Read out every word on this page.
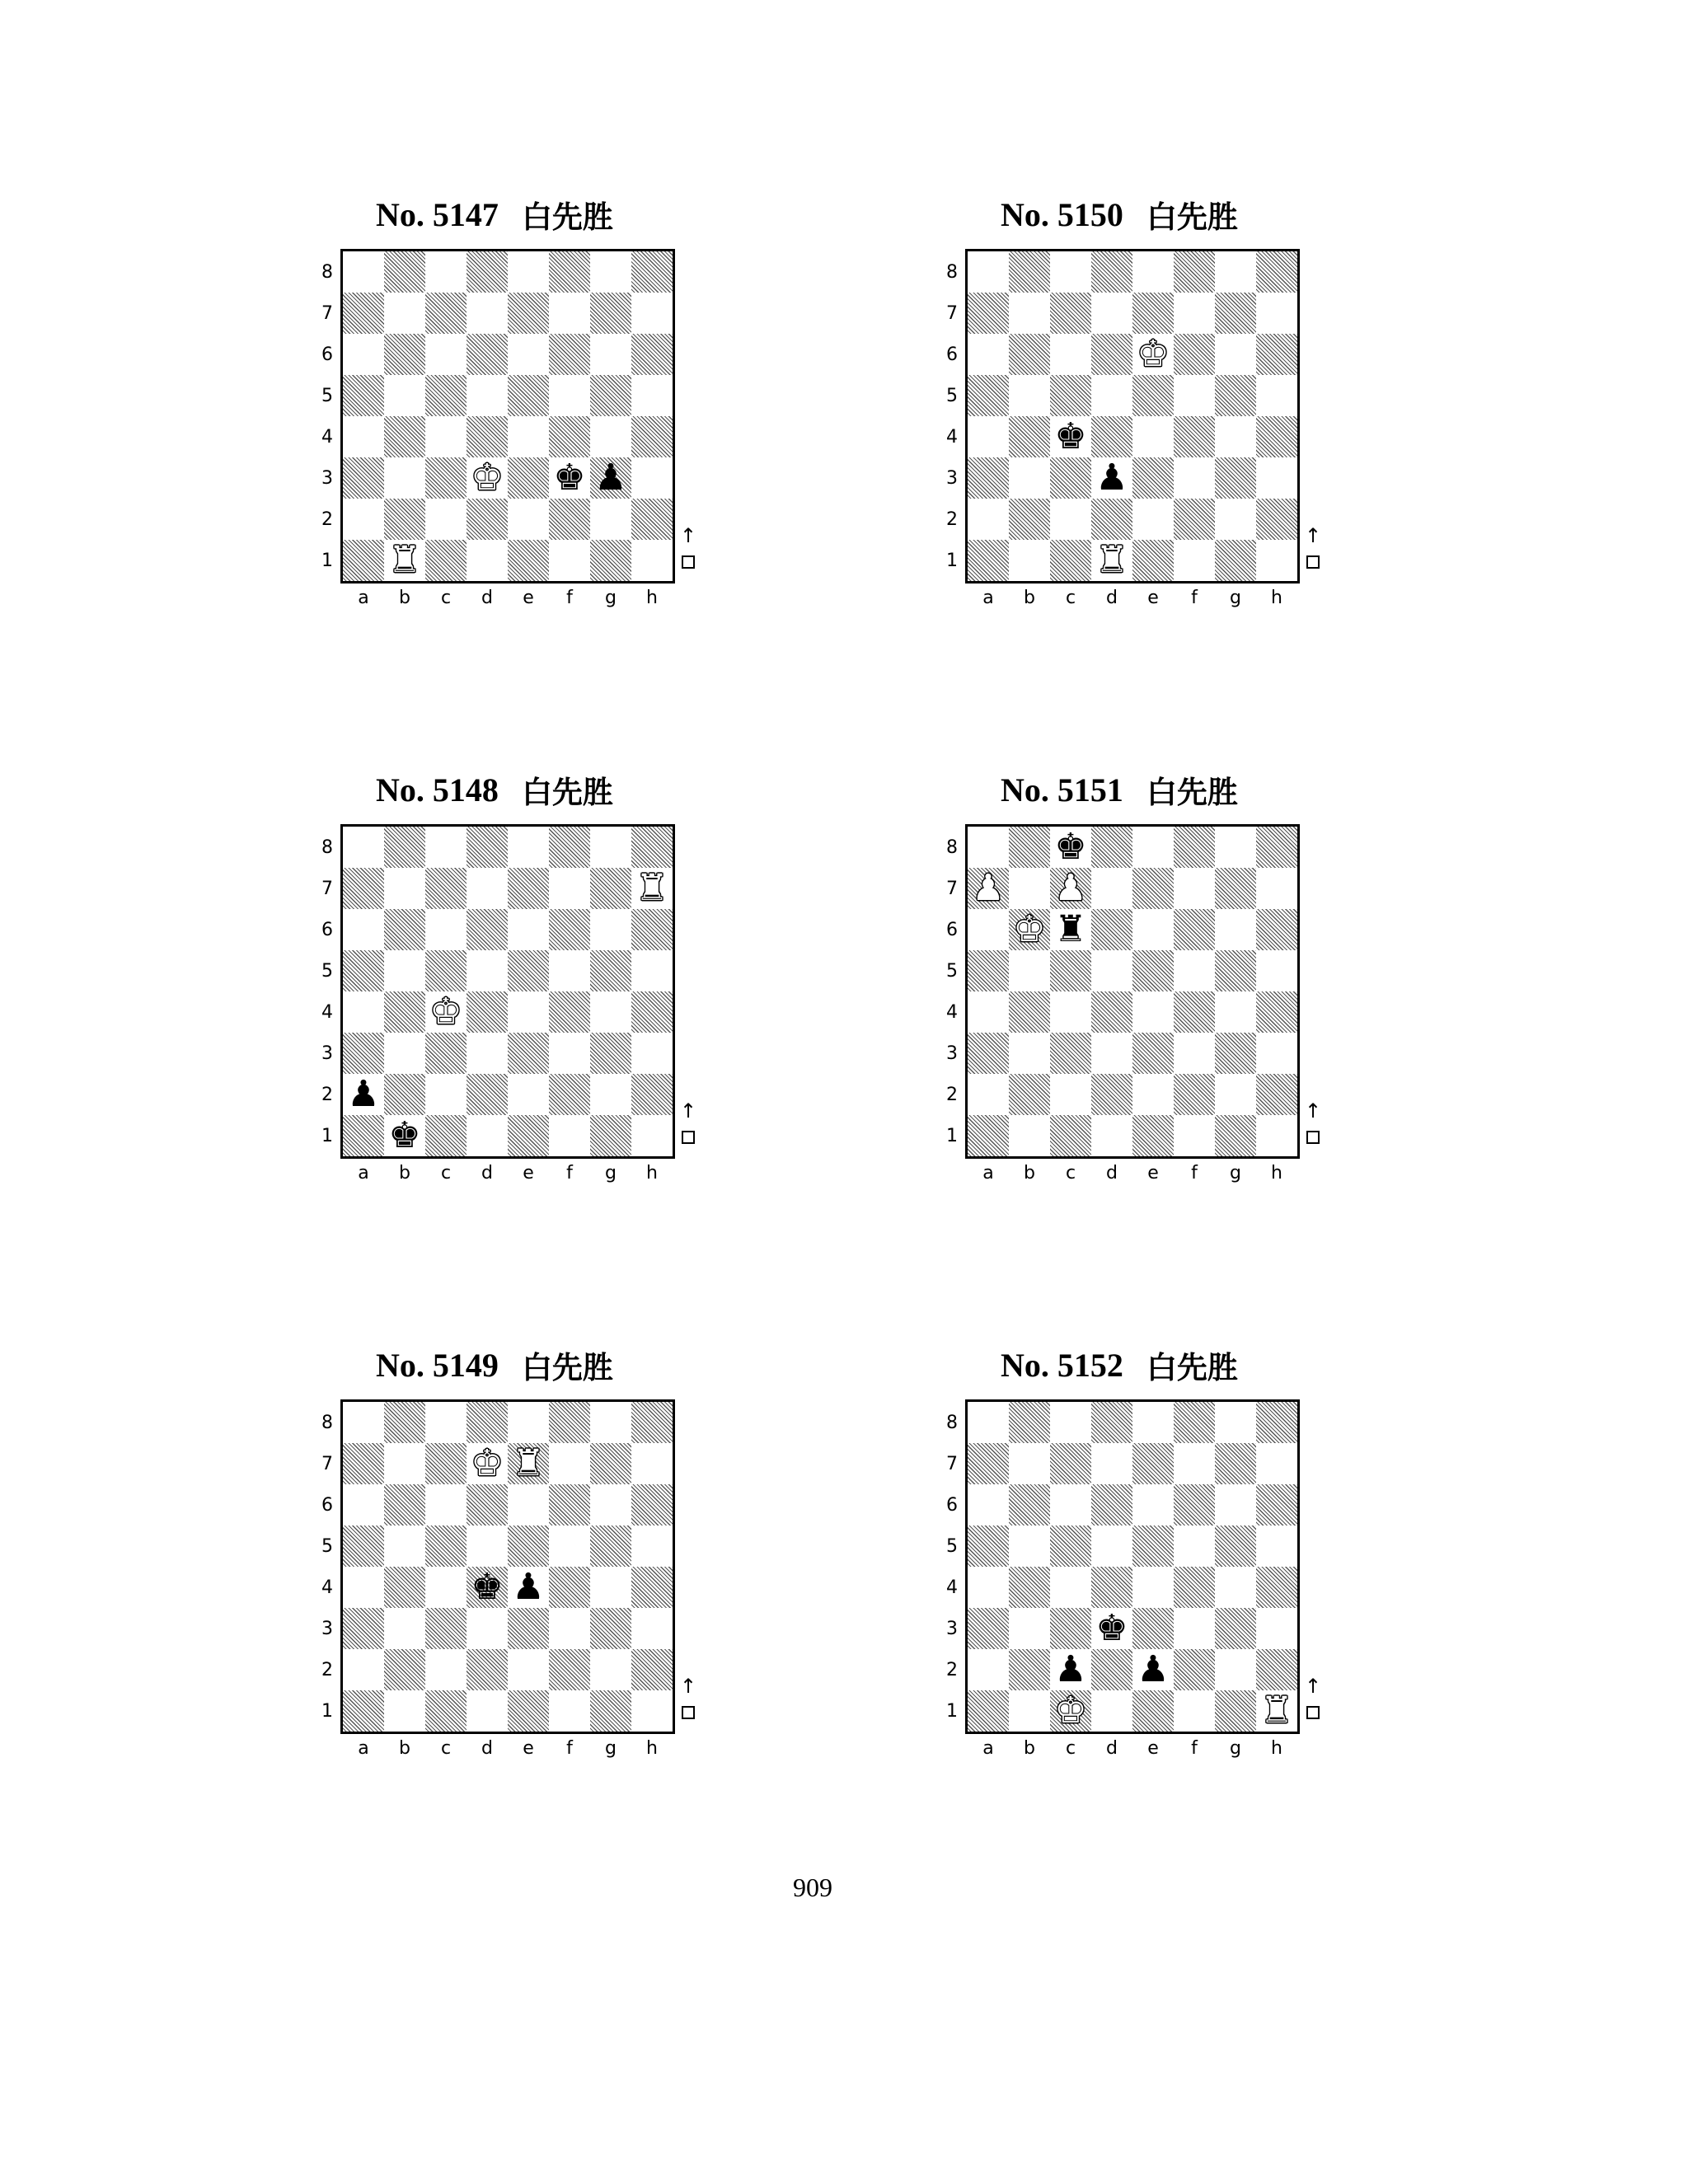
No. 5147 白先胜
♚ ♚ ♟
♜
8
7
6
5
4
3
2
1
a	b	c	d	e	f	g	h
↑
No. 5150 白先胜
♚
♚
♟
♜
8
7
6
5
4
3
2
1
a	b	c	d	e	f	g	h
↑
No. 5148 白先胜
♜
♚
♟
♚
8
7
6
5
4
3
2
1
a	b	c	d	e	f	g	h
↑
No. 5151 白先胜
♚
♟ ♟
♚ ♜
8
7
6
5
4
3
2
1
a	b	c	d	e	f	g	h
↑
No. 5149 白先胜
♚ ♜
♚ ♟
8
7
6
5
4
3
2
1
a	b	c	d	e	f	g	h
↑
No. 5152 白先胜
♚
♟ ♟
♚	♜
8
7
6
5
4
3
2
1
a	b	c	d	e	f	g	h
↑
909
